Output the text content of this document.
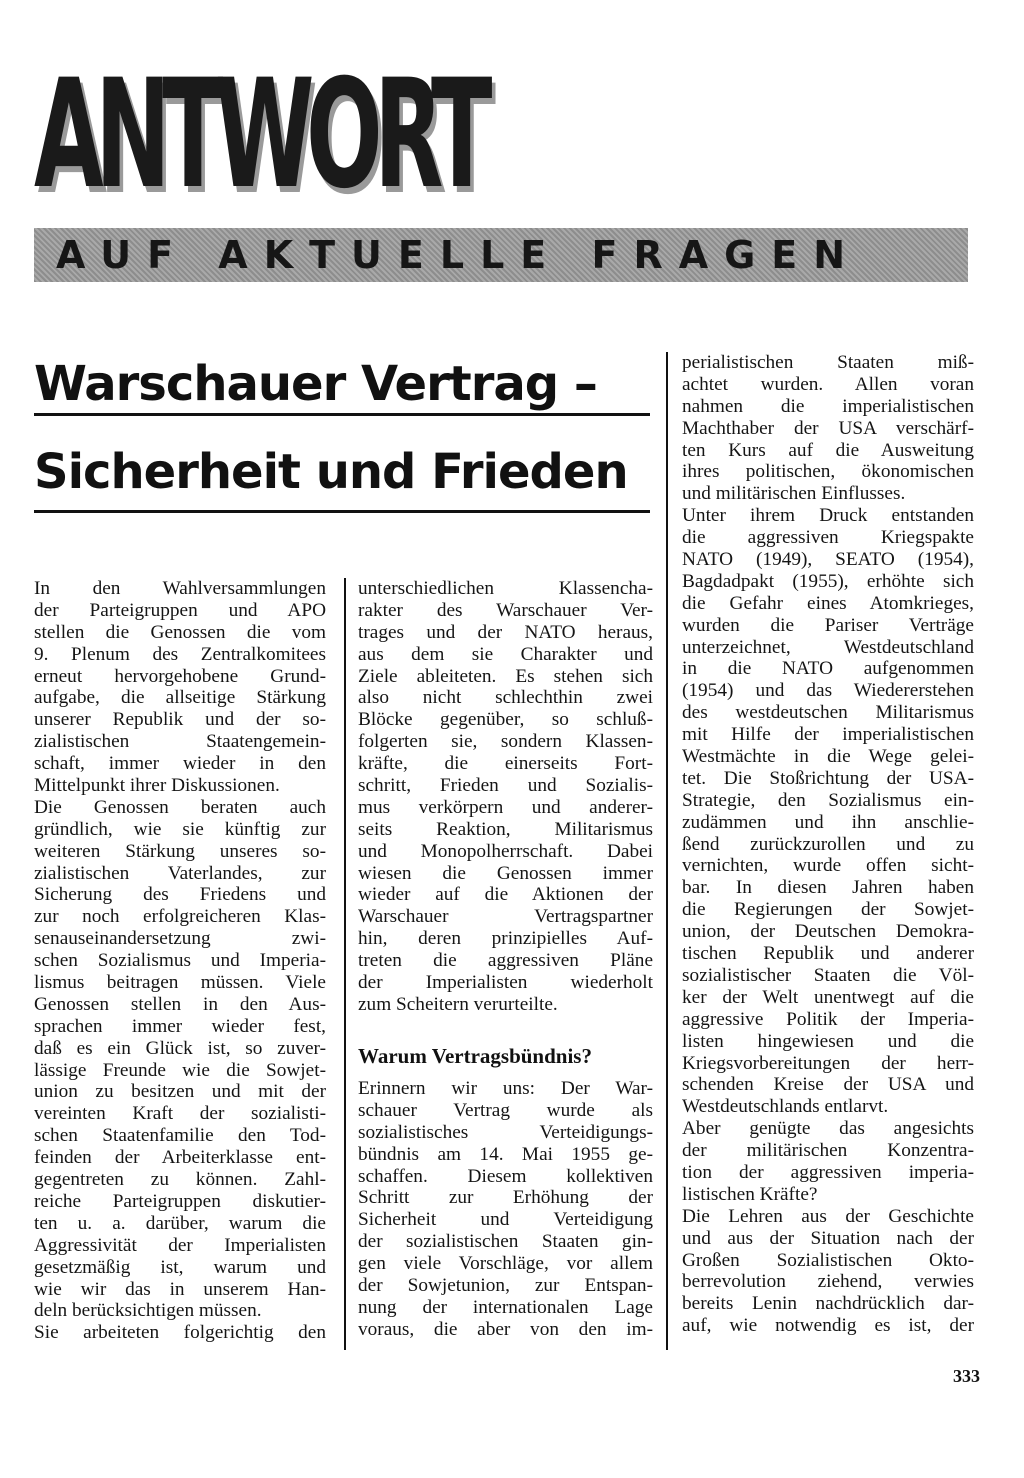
ANTWORT
AUF AKTUELLE FRAGEN
Warschauer Vertrag –
Sicherheit und Frieden
In den Wahlversammlungen
der Parteigruppen und APO
stellen die Genossen die vom
9. Plenum des Zentralkomitees
erneut hervorgehobene Grund-
aufgabe, die allseitige Stärkung
unserer Republik und der so-
zialistischen Staatengemein-
schaft, immer wieder in den
Mittelpunkt ihrer Diskussionen.
Die Genossen beraten auch
gründlich, wie sie künftig zur
weiteren Stärkung unseres so-
zialistischen Vaterlandes, zur
Sicherung des Friedens und
zur noch erfolgreicheren Klas-
senauseinandersetzung zwi-
schen Sozialismus und Imperia-
lismus beitragen müssen. Viele
Genossen stellen in den Aus-
sprachen immer wieder fest,
daß es ein Glück ist, so zuver-
lässige Freunde wie die Sowjet-
union zu besitzen und mit der
vereinten Kraft der sozialisti-
schen Staatenfamilie den Tod-
feinden der Arbeiterklasse ent-
gegentreten zu können. Zahl-
reiche Parteigruppen diskutier-
ten u. a. darüber, warum die
Aggressivität der Imperialisten
gesetzmäßig ist, warum und
wie wir das in unserem Han-
deln berücksichtigen müssen.
Sie arbeiteten folgerichtig den
unterschiedlichen Klassencha-
rakter des Warschauer Ver-
trages und der NATO heraus,
aus dem sie Charakter und
Ziele ableiteten. Es stehen sich
also nicht schlechthin zwei
Blöcke gegenüber, so schluß-
folgerten sie, sondern Klassen-
kräfte, die einerseits Fort-
schritt, Frieden und Sozialis-
mus verkörpern und anderer-
seits Reaktion, Militarismus
und Monopolherrschaft. Dabei
wiesen die Genossen immer
wieder auf die Aktionen der
Warschauer Vertragspartner
hin, deren prinzipielles Auf-
treten die aggressiven Pläne
der Imperialisten wiederholt
zum Scheitern verurteilte.
Warum Vertragsbündnis?
Erinnern wir uns: Der War-
schauer Vertrag wurde als
sozialistisches Verteidigungs-
bündnis am 14. Mai 1955 ge-
schaffen. Diesem kollektiven
Schritt zur Erhöhung der
Sicherheit und Verteidigung
der sozialistischen Staaten gin-
gen viele Vorschläge, vor allem
der Sowjetunion, zur Entspan-
nung der internationalen Lage
voraus, die aber von den im-
perialistischen Staaten miß-
achtet wurden. Allen voran
nahmen die imperialistischen
Machthaber der USA verschärf-
ten Kurs auf die Ausweitung
ihres politischen, ökonomischen
und militärischen Einflusses.
Unter ihrem Druck entstanden
die aggressiven Kriegspakte
NATO (1949), SEATO (1954),
Bagdadpakt (1955), erhöhte sich
die Gefahr eines Atomkrieges,
wurden die Pariser Verträge
unterzeichnet, Westdeutschland
in die NATO aufgenommen
(1954) und das Wiedererstehen
des westdeutschen Militarismus
mit Hilfe der imperialistischen
Westmächte in die Wege gelei-
tet. Die Stoßrichtung der USA-
Strategie, den Sozialismus ein-
zudämmen und ihn anschlie-
ßend zurückzurollen und zu
vernichten, wurde offen sicht-
bar. In diesen Jahren haben
die Regierungen der Sowjet-
union, der Deutschen Demokra-
tischen Republik und anderer
sozialistischer Staaten die Völ-
ker der Welt unentwegt auf die
aggressive Politik der Imperia-
listen hingewiesen und die
Kriegsvorbereitungen der herr-
schenden Kreise der USA und
Westdeutschlands entlarvt.
Aber genügte das angesichts
der militärischen Konzentra-
tion der aggressiven imperia-
listischen Kräfte?
Die Lehren aus der Geschichte
und aus der Situation nach der
Großen Sozialistischen Okto-
berrevolution ziehend, verwies
bereits Lenin nachdrücklich dar-
auf, wie notwendig es ist, der
333
